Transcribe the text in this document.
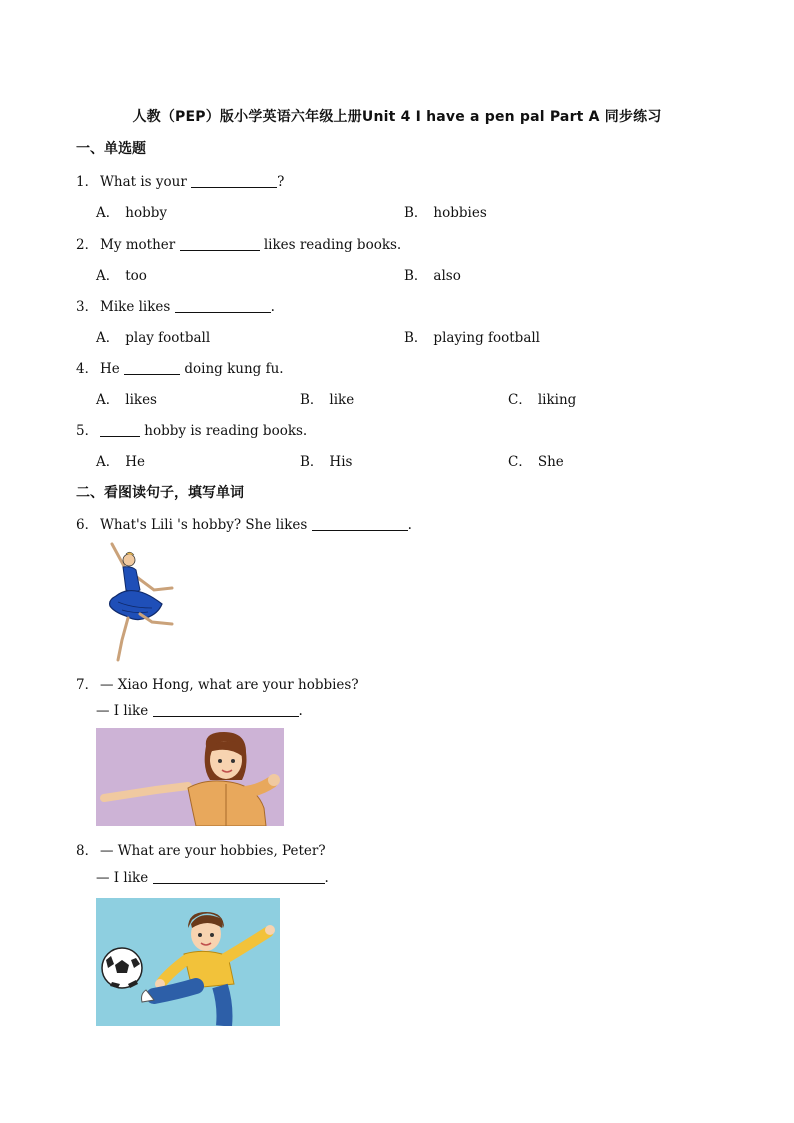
人教（PEP）版小学英语六年级上册Unit 4 I have a pen pal Part A 同步练习
一、单选题
1． What is your	?
A． hobby	B． hobbies
2． My mother	likes reading books.
A． too	B． also
3． Mike likes	.
A． play football	B． playing football
4． He	doing kung fu.
A． likes	B． like	C． liking
5．	hobby is reading books.
A． He	B． His	C． She
二、看图读句子，填写单词
6． What's Lili 's hobby? She likes	.
7． — Xiao Hong, what are your hobbies?
— I like	.
8． — What are your hobbies, Peter?
— I like	.
